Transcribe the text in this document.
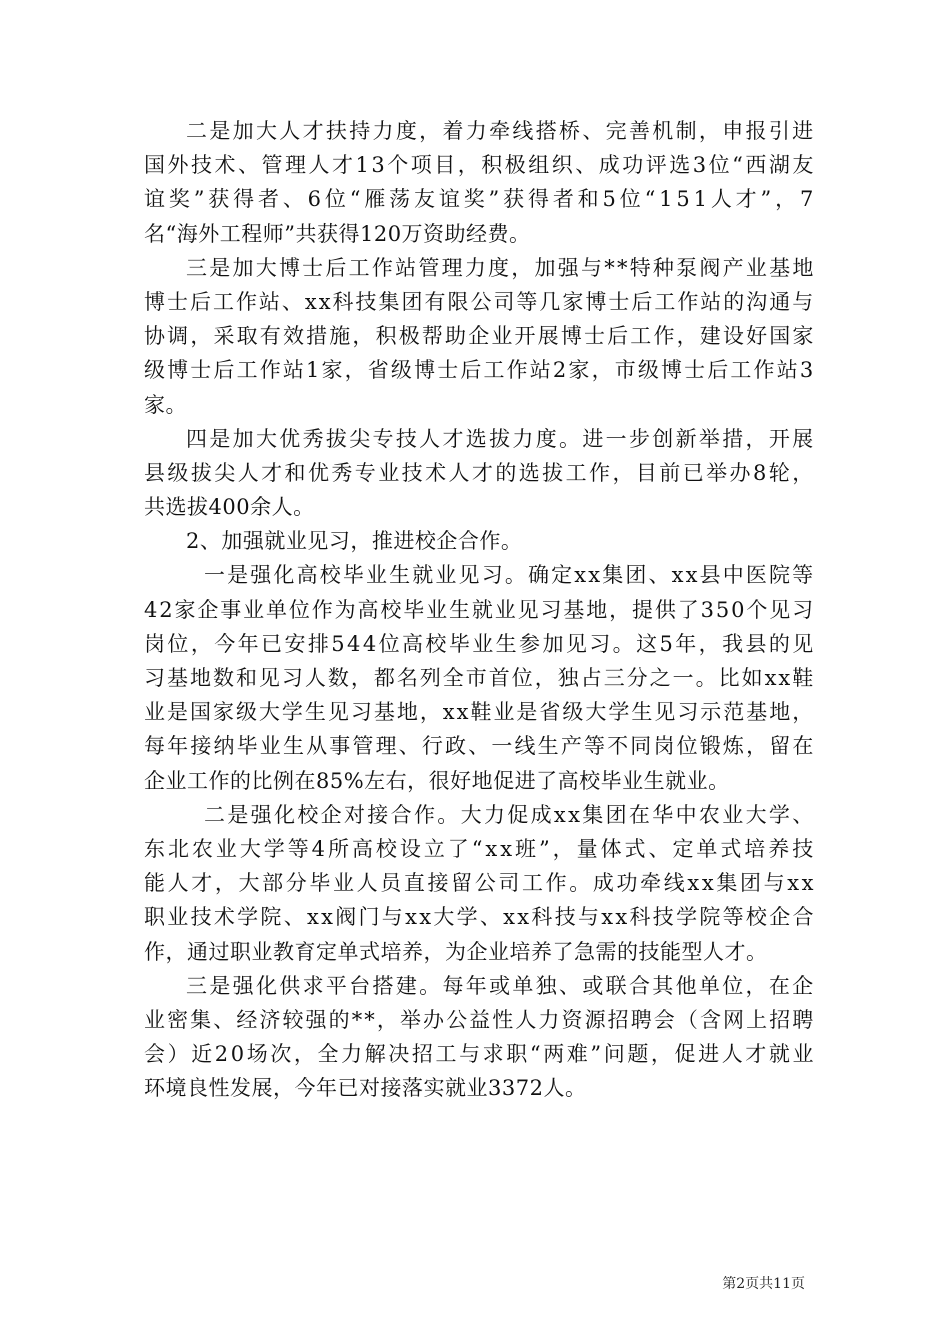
二 是 加 大 人 才 扶 持 力 度 ， 着 力 牵 线 搭 桥 、 完 善 机 制 ， 申 报 引 进
国 外 技 术 、 管 理 人 才 1 3 个 项 目 ， 积 极 组 织 、 成 功 评 选 3 位 “ 西 湖 友
谊 奖 ” 获 得 者 、 6 位 “ 雁 荡 友 谊 奖 ” 获 得 者 和 5 位 “ 1 5 1 人 才 ” ， 7
名“海外工程师”共获得120万资助经费。
三 是 加 大 博 士 后 工 作 站 管 理 力 度 ， 加 强 与 * * 特 种 泵 阀 产 业 基 地
博 士 后 工 作 站 、 x x 科 技 集 团 有 限 公 司 等 几 家 博 士 后 工 作 站 的 沟 通 与
协 调 ， 采 取 有 效 措 施 ， 积 极 帮 助 企 业 开 展 博 士 后 工 作 ， 建 设 好 国 家
级 博 士 后 工 作 站 1 家 ， 省 级 博 士 后 工 作 站 2 家 ， 市 级 博 士 后 工 作 站 3
家。
四 是 加 大 优 秀 拔 尖 专 技 人 才 选 拔 力 度 。 进 一 步 创 新 举 措 ， 开 展
县 级 拔 尖 人 才 和 优 秀 专 业 技 术 人 才 的 选 拔 工 作 ， 目 前 已 举 办 8 轮 ，
共选拔400余人。
2、加强就业见习，推进校企合作。
一 是 强 化 高 校 毕 业 生 就 业 见 习 。 确 定 x x 集 团 、 x x 县 中 医 院 等
4 2 家 企 事 业 单 位 作 为 高 校 毕 业 生 就 业 见 习 基 地 ， 提 供 了 3 5 0 个 见 习
岗 位 ， 今 年 已 安 排 5 4 4 位 高 校 毕 业 生 参 加 见 习 。 这 5 年 ， 我 县 的 见
习 基 地 数 和 见 习 人 数 ， 都 名 列 全 市 首 位 ， 独 占 三 分 之 一 。 比 如 x x 鞋
业 是 国 家 级 大 学 生 见 习 基 地 ， x x 鞋 业 是 省 级 大 学 生 见 习 示 范 基 地 ，
每 年 接 纳 毕 业 生 从 事 管 理 、 行 政 、 一 线 生 产 等 不 同 岗 位 锻 炼 ， 留 在
企业工作的比例在85%左右，很好地促进了高校毕业生就业。
二 是 强 化 校 企 对 接 合 作 。 大 力 促 成 x x 集 团 在 华 中 农 业 大 学 、
东 北 农 业 大 学 等 4 所 高 校 设 立 了 “ x x 班 ” ， 量 体 式 、 定 单 式 培 养 技
能 人 才 ， 大 部 分 毕 业 人 员 直 接 留 公 司 工 作 。 成 功 牵 线 x x 集 团 与 x x
职 业 技 术 学 院 、 x x 阀 门 与 x x 大 学 、 x x 科 技 与 x x 科 技 学 院 等 校 企 合
作，通过职业教育定单式培养，为企业培养了急需的技能型人才。
三 是 强 化 供 求 平 台 搭 建 。 每 年 或 单 独 、 或 联 合 其 他 单 位 ， 在 企
业 密 集 、 经 济 较 强 的 * * ， 举 办 公 益 性 人 力 资 源 招 聘 会 （ 含 网 上 招 聘
会 ） 近 2 0 场 次 ， 全 力 解 决 招 工 与 求 职 “ 两 难 ” 问 题 ， 促 进 人 才 就 业
环境良性发展，今年已对接落实就业3372人。
第2页共11页
